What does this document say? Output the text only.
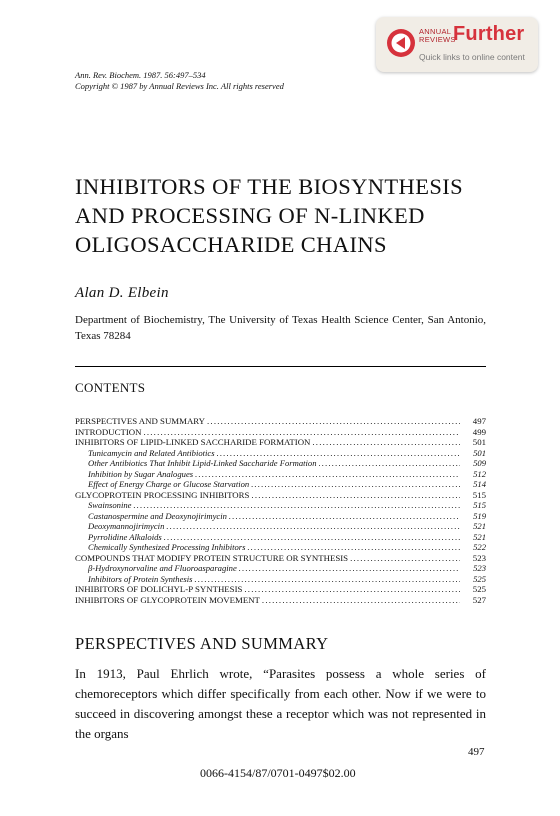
ANNUAL
REVIEWS
Further
Quick links to online content
Ann. Rev. Biochem. 1987. 56:497–534
Copyright © 1987 by Annual Reviews Inc. All rights reserved
INHIBITORS OF THE BIOSYNTHESIS
AND PROCESSING OF N-LINKED
OLIGOSACCHARIDE CHAINS
Alan D. Elbein
Department of Biochemistry, The University of Texas Health Science Center, San Antonio, Texas 78284
CONTENTS
PERSPECTIVES AND SUMMARY .....	497
INTRODUCTION .....	499
INHIBITORS OF LIPID-LINKED SACCHARIDE FORMATION .....	501
Tunicamycin and Related Antibiotics .....	501
Other Antibiotics That Inhibit Lipid-Linked Saccharide Formation .....	509
Inhibition by Sugar Analogues .....	512
Effect of Energy Charge or Glucose Starvation .....	514
GLYCOPROTEIN PROCESSING INHIBITORS .....	515
Swainsonine .....	515
Castanospermine and Deoxynojirimycin .....	519
Deoxymannojirimycin .....	521
Pyrrolidine Alkaloids .....	521
Chemically Synthesized Processing Inhibitors .....	522
COMPOUNDS THAT MODIFY PROTEIN STRUCTURE OR SYNTHESIS .....	523
β-Hydroxynorvaline and Fluoroasparagine .....	523
Inhibitors of Protein Synthesis .....	525
INHIBITORS OF DOLICHYL-P SYNTHESIS .....	525
INHIBITORS OF GLYCOPROTEIN MOVEMENT .....	527
PERSPECTIVES AND SUMMARY
In 1913, Paul Ehrlich wrote, “Parasites possess a whole series of chemoreceptors which differ specifically from each other. Now if we were to succeed in discovering amongst these a receptor which was not represented in the organs
497
0066-4154/87/0701-0497$02.00
